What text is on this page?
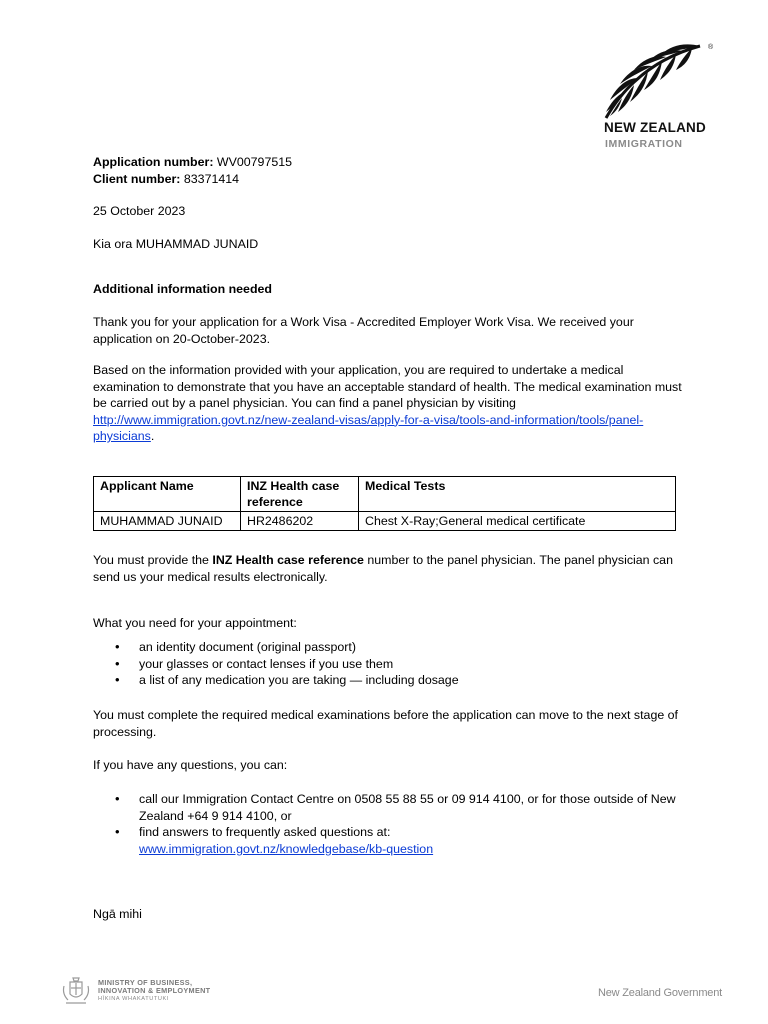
®
NEW ZEALAND
IMMIGRATION
Application number: WV00797515
Client number: 83371414
25 October 2023
Kia ora MUHAMMAD JUNAID
Additional information needed
Thank you for your application for a Work Visa - Accredited Employer Work Visa. We received your application on 20-October-2023.
Based on the information provided with your application, you are required to undertake a medical examination to demonstrate that you have an acceptable standard of health. The medical examination must be carried out by a panel physician. You can find a panel physician by visiting http://www.immigration.govt.nz/new-zealand-visas/apply-for-a-visa/tools-and-information/tools/panel-physicians.
Applicant Name	INZ Health case reference	Medical Tests
MUHAMMAD JUNAID	HR2486202	Chest X-Ray;General medical certificate
You must provide the INZ Health case reference number to the panel physician. The panel physician can send us your medical results electronically.
What you need for your appointment:
• an identity document (original passport)
• your glasses or contact lenses if you use them
• a list of any medication you are taking — including dosage
You must complete the required medical examinations before the application can move to the next stage of processing.
If you have any questions, you can:
• call our Immigration Contact Centre on 0508 55 88 55 or 09 914 4100, or for those outside of New Zealand +64 9 914 4100, or
• find answers to frequently asked questions at:
www.immigration.govt.nz/knowledgebase/kb-question
Ngā mihi
MINISTRY OF BUSINESS,
INNOVATION & EMPLOYMENT
HĪKINA WHAKATUTUKI	New Zealand Government
